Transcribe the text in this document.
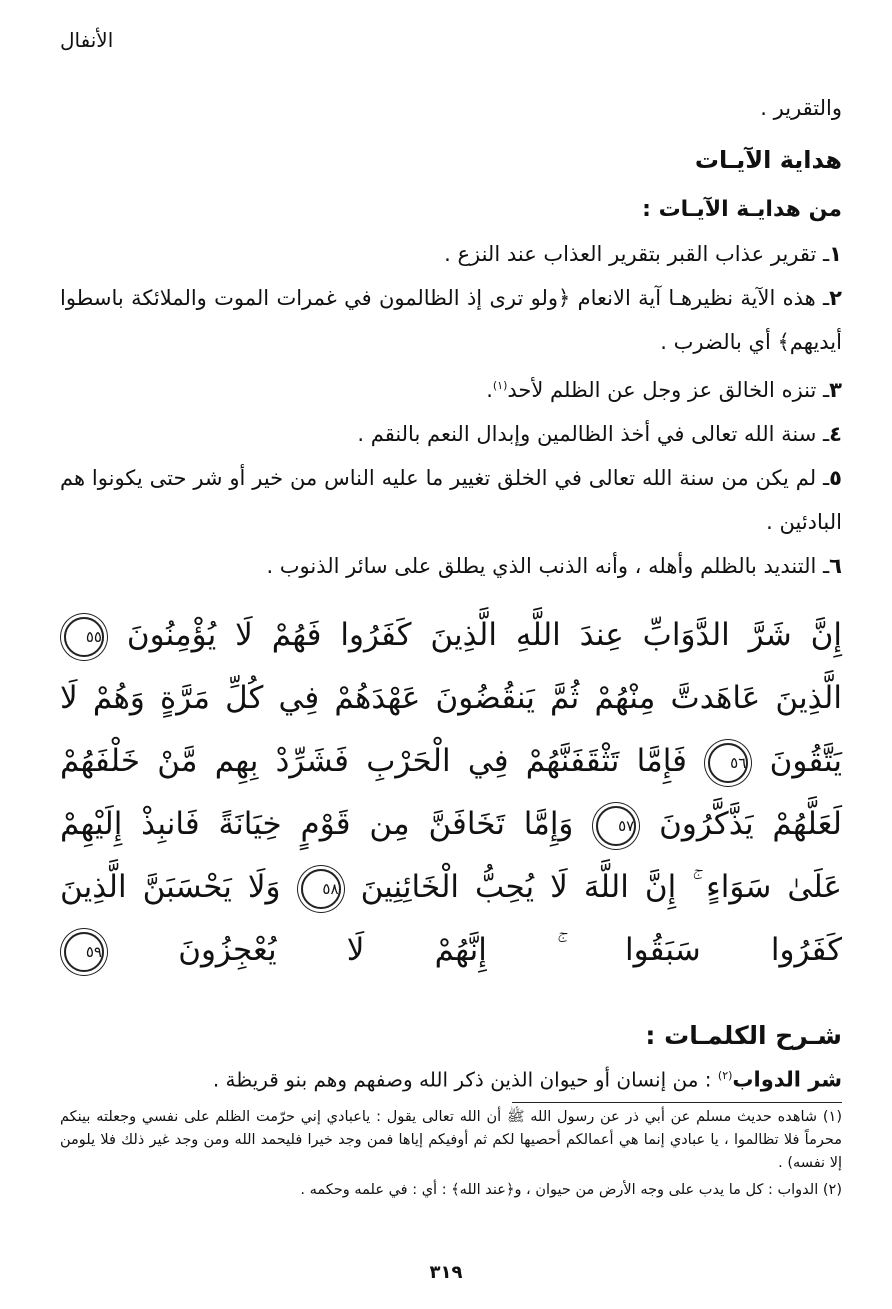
الأنفال
والتقرير .
هداية الآيـات
من هدايـة الآيـات :
١ـ تقرير عذاب القبر بتقرير العذاب عند النزع .
٢ـ هذه الآية نظيرهـا آية الانعام ﴿ولو ترى إذ الظالمون في غمرات الموت والملائكة باسطوا أيديهم﴾ أي بالضرب .
٣ـ تنزه الخالق عز وجل عن الظلم لأحد$^{(١)}$.
٤ـ سنة الله تعالى في أخذ الظالمين وإبدال النعم بالنقم .
٥ـ لم يكن من سنة الله تعالى في الخلق تغيير ما عليه الناس من خير أو شر حتى يكونوا هم البادئين .
٦ـ التنديد بالظلم وأهله ، وأنه الذنب الذي يطلق على سائر الذنوب .
إِنَّ شَرَّ الدَّوَابِّ عِندَ اللَّهِ الَّذِينَ كَفَرُوا فَهُمْ لَا يُؤْمِنُونَ ٥٥ الَّذِينَ عَاهَدتَّ مِنْهُمْ ثُمَّ يَنقُضُونَ عَهْدَهُمْ فِي كُلِّ مَرَّةٍ وَهُمْ لَا يَتَّقُونَ ٥٦ فَإِمَّا تَثْقَفَنَّهُمْ فِي الْحَرْبِ فَشَرِّدْ بِهِم مَّنْ خَلْفَهُمْ لَعَلَّهُمْ يَذَّكَّرُونَ ٥٧ وَإِمَّا تَخَافَنَّ مِن قَوْمٍ خِيَانَةً فَانبِذْ إِلَيْهِمْ عَلَىٰ سَوَاءٍ ۚ إِنَّ اللَّهَ لَا يُحِبُّ الْخَائِنِينَ ٥٨ وَلَا يَحْسَبَنَّ الَّذِينَ كَفَرُوا سَبَقُوا ۚ إِنَّهُمْ لَا يُعْجِزُونَ ٥٩
شـرح الكلمـات :
شر الدواب$^{(٢)}$ : من إنسان أو حيوان الذين ذكر الله وصفهم وهم بنو قريظة .

(١) شاهده حديث مسلم عن أبي ذر عن رسول الله ﷺ أن الله تعالى يقول : ياعبادي إني حرّمت الظلم على نفسي وجعلته بينكم محرماً فلا تظالموا ، يا عبادي إنما هي أعمالكم أحصيها لكم ثم أوفيكم إياها فمن وجد خيرا فليحمد الله ومن وجد غير ذلك فلا يلومن إلا نفسه) .

(٢) الدواب : كل ما يدب على وجه الأرض من حيوان ، و﴿عند الله﴾ : أي : في علمه وحكمه .

٣١٩
